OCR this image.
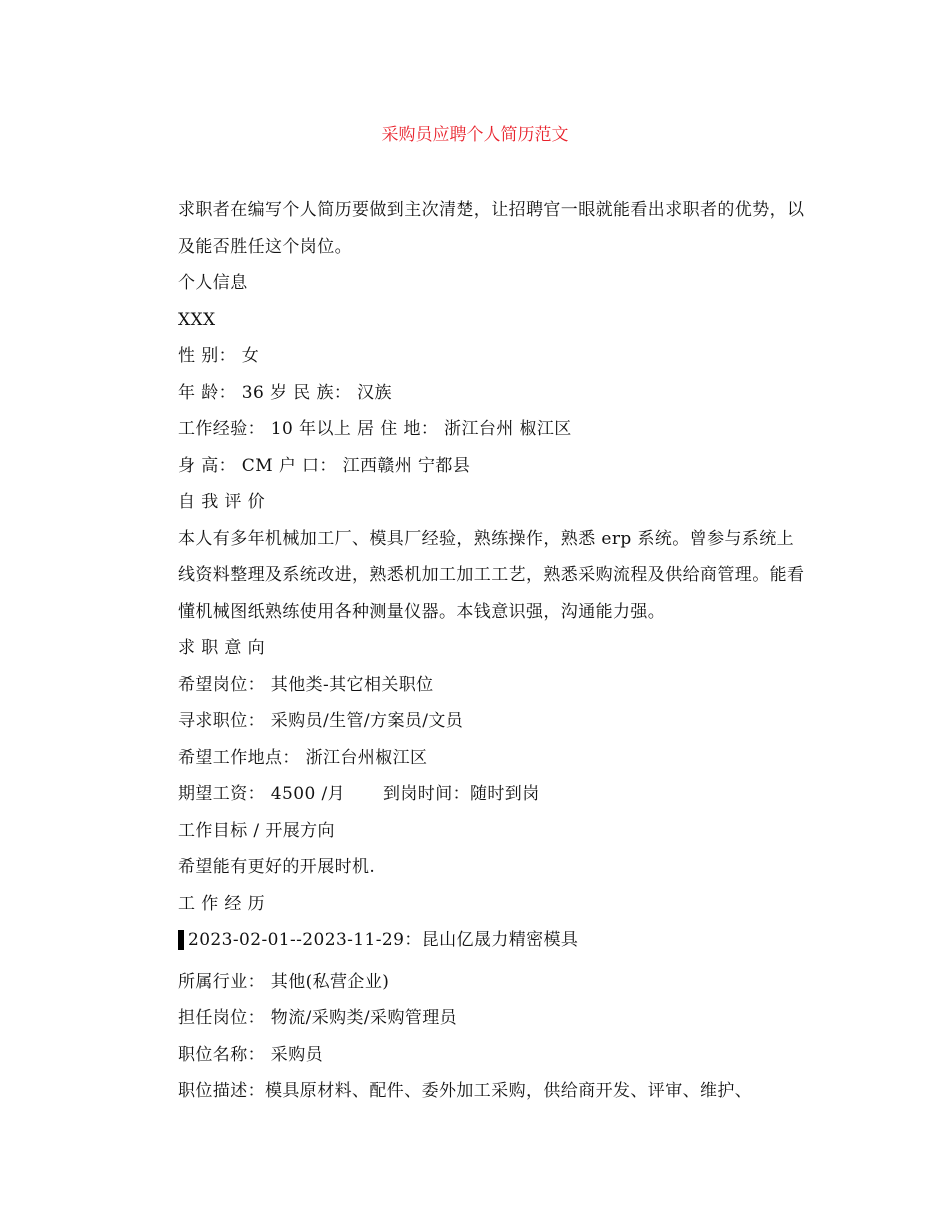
采购员应聘个人简历范文

求职者在编写个人简历要做到主次清楚，让招聘官一眼就能看出求职者的优势，以及能否胜任这个岗位。

个人信息

XXX

性 别： 女

年 龄： 36 岁 民 族： 汉族

工作经验： 10 年以上 居 住 地： 浙江台州 椒江区

身 高： CM 户 口： 江西赣州 宁都县

自 我 评 价

本人有多年机械加工厂、模具厂经验，熟练操作，熟悉 erp 系统。曾参与系统上线资料整理及系统改进，熟悉机加工加工工艺，熟悉采购流程及供给商管理。能看懂机械图纸熟练使用各种测量仪器。本钱意识强，沟通能力强。

求 职 意 向

希望岗位： 其他类-其它相关职位

寻求职位： 采购员/生管/方案员/文员

希望工作地点： 浙江台州椒江区

期望工资： 4500 /月 到岗时间：随时到岗

工作目标 / 开展方向

希望能有更好的开展时机.

工 作 经 历

2023-02-01--2023-11-29：昆山亿晟力精密模具

所属行业： 其他(私营企业)

担任岗位： 物流/采购类/采购管理员

职位名称： 采购员

职位描述：模具原材料、配件、委外加工采购，供给商开发、评审、维护、
